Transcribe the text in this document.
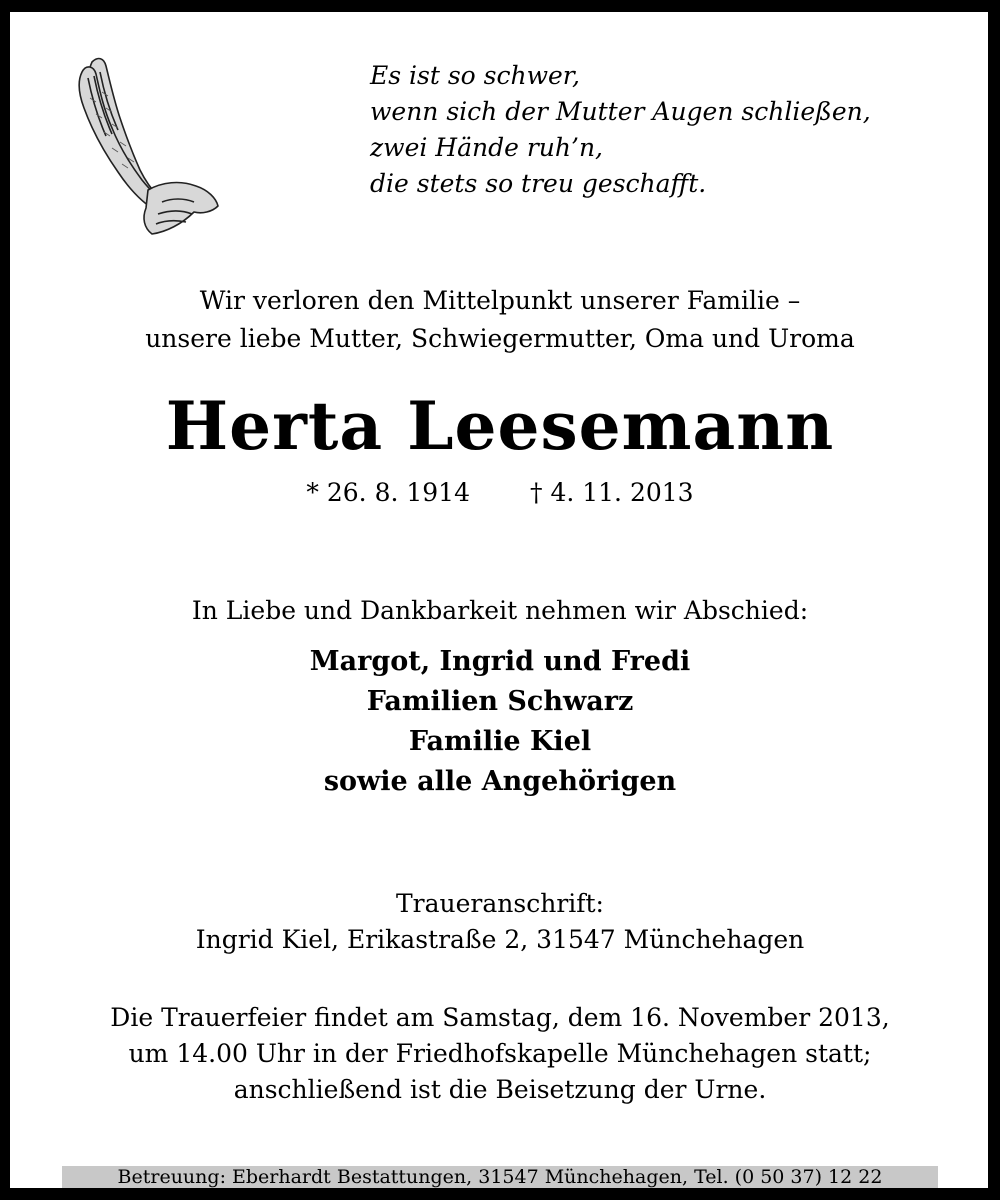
Es ist so schwer,
wenn sich der Mutter Augen schließen,
zwei Hände ruh’n,
die stets so treu geschafft.
Wir verloren den Mittelpunkt unserer Familie –
unsere liebe Mutter, Schwiegermutter, Oma und Uroma
Herta Leesemann
* 26. 8. 1914 † 4. 11. 2013
In Liebe und Dankbarkeit nehmen wir Abschied:
Margot, Ingrid und Fredi
Familien Schwarz
Familie Kiel
sowie alle Angehörigen
Traueranschrift:
Ingrid Kiel, Erikastraße 2, 31547 Münchehagen
Die Trauerfeier findet am Samstag, dem 16. November 2013,
um 14.00 Uhr in der Friedhofskapelle Münchehagen statt;
anschließend ist die Beisetzung der Urne.
Betreuung: Eberhardt Bestattungen, 31547 Münchehagen, Tel. (0 50 37) 12 22
